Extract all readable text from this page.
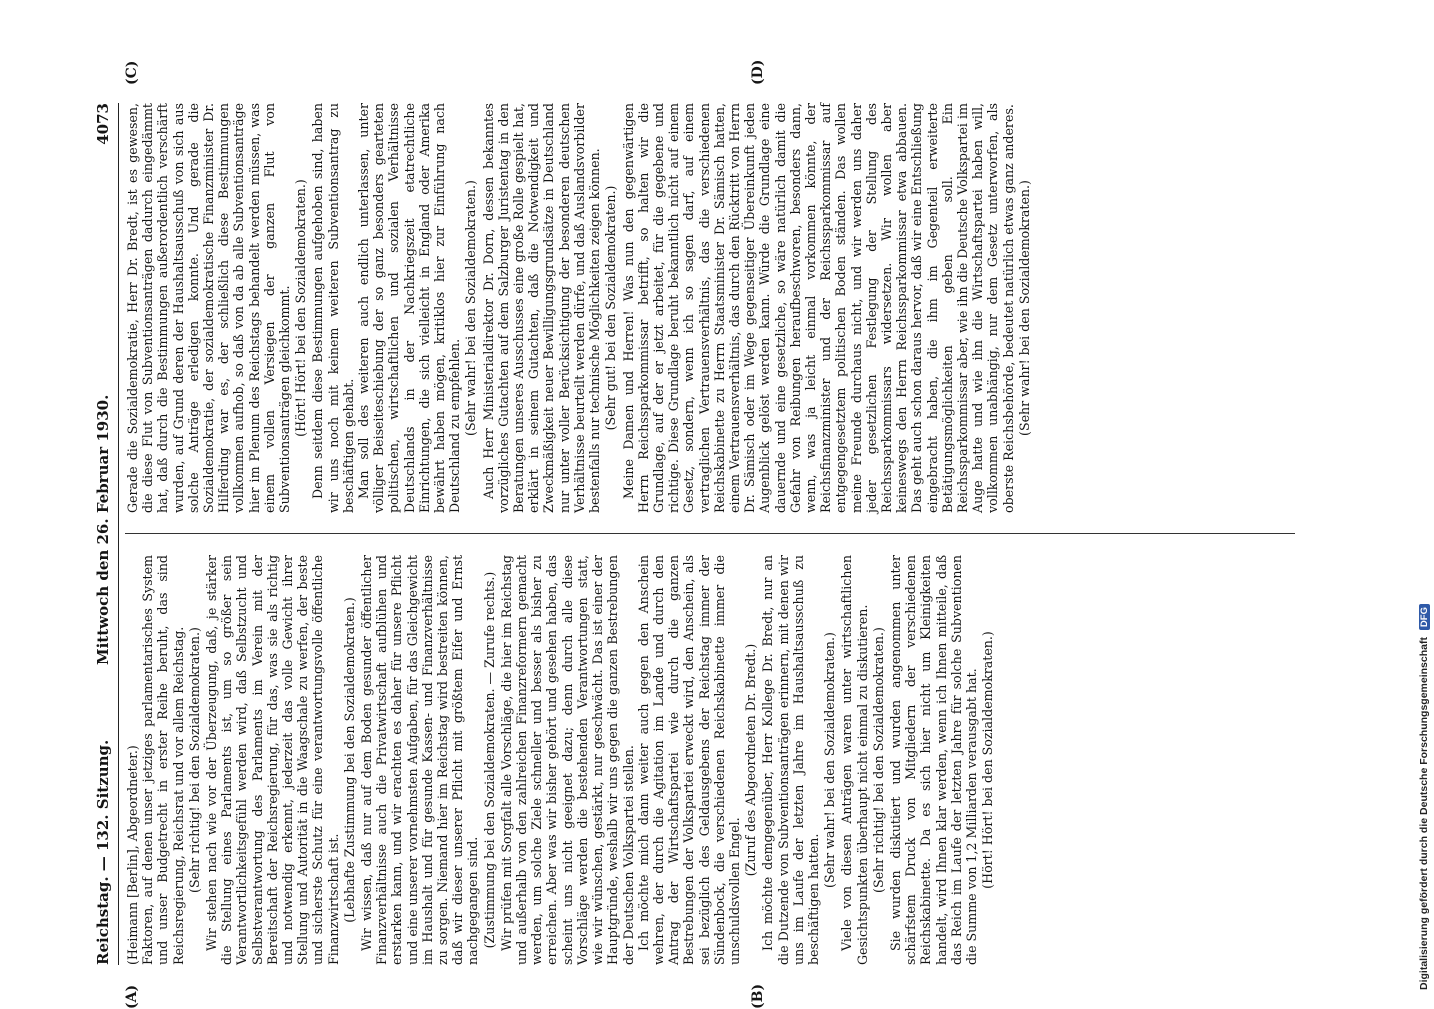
Reichstag. — 132. Sitzung.
Mittwoch den 26. Februar 1930.
4073
(A)	(B)
(C)	(D)

(Heimann [Berlin], Abgeordneter.) Faktoren, auf denen unser jetziges parlamentarisches System und unser Budgetrecht in erster Reihe beruht, das sind Reichsregierung, Reichsrat und vor allem Reichstag. (Sehr richtig! bei den Sozialdemokraten.) Wir stehen nach wie vor der Überzeugung, daß, je stärker die Stellung eines Parlaments ist, um so größer sein Verantwortlichkeitsgefühl werden wird, daß Selbstzucht und Selbstverantwortung des Parlaments im Verein mit der Bereitschaft der Reichsregierung, für das, was sie als richtig und notwendig erkennt, jederzeit das volle Gewicht ihrer Stellung und Autorität in die Waagschale zu werfen, der beste und sicherste Schutz für eine verantwortungsvolle öffentliche Finanzwirtschaft ist. (Lebhafte Zustimmung bei den Sozialdemokraten.) Wir wissen, daß nur auf dem Boden gesunder öffentlicher Finanzverhältnisse auch die Privatwirtschaft aufblühen und erstarken kann, und wir erachten es daher für unsere Pflicht und eine unserer vornehmsten Aufgaben, für das Gleichgewicht im Haushalt und für gesunde Kassen- und Finanzverhältnisse zu sorgen. Niemand hier im Reichstag wird bestreiten können, daß wir dieser unserer Pflicht mit größtem Eifer und Ernst nachgegangen sind. (Zustimmung bei den Sozialdemokraten. — Zurufe rechts.) Wir prüfen mit Sorgfalt alle Vorschläge, die hier im Reichstag und außerhalb von den zahlreichen Finanzreformern gemacht werden, um solche Ziele schneller und besser als bisher zu erreichen. Aber was wir bisher gehört und gesehen haben, das scheint uns nicht geeignet dazu; denn durch alle diese Vorschläge werden die bestehenden Verantwortungen statt, wie wir wünschen, gestärkt, nur geschwächt. Das ist einer der Hauptgründe, weshalb wir uns gegen die ganzen Bestrebungen der Deutschen Volkspartei stellen. Ich möchte mich dann weiter auch gegen den Anschein wehren, der durch die Agitation im Lande und durch den Antrag der Wirtschaftspartei wie durch die ganzen Bestrebungen der Volkspartei erweckt wird, den Anschein, als sei bezüglich des Geldausgebens der Reichstag immer der Sündenbock, die verschiedenen Reichskabinette immer die unschuldsvollen Engel.

(Zuruf des Abgeordneten Dr. Bredt.) Ich möchte demgegenüber, Herr Kollege Dr. Bredt, nur an die Dutzende von Subventionsanträgen erinnern, mit denen wir uns im Laufe der letzten Jahre im Haushaltsausschuß zu beschäftigen hatten.

(Sehr wahr! bei den Sozialdemokraten.) Viele von diesen Anträgen waren unter wirtschaftlichen Gesichtspunkten überhaupt nicht einmal zu diskutieren. (Sehr richtig! bei den Sozialdemokraten.) Sie wurden diskutiert und wurden angenommen unter schärfstem Druck von Mitgliedern der verschiedenen Reichskabinette. Da es sich hier nicht um Kleinigkeiten handelt, wird Ihnen klar werden, wenn ich Ihnen mitteile, daß das Reich im Laufe der letzten Jahre für solche Subventionen die Summe von 1,2 Milliarden verausgabt hat. (Hört! Hört! bei den Sozialdemokraten.)

Gerade die Sozialdemokratie, Herr Dr. Bredt, ist es gewesen, die diese Flut von Subventionsanträgen dadurch eingedämmt hat, daß durch die Bestimmungen außerordentlich verschärft wurden, auf Grund deren der Haushaltsausschuß von sich aus solche Anträge erledigen konnte. Und gerade die Sozialdemokratie, der sozialdemokratische Finanzminister Dr. Hilferding war es, der schließlich diese Bestimmungen vollkommen aufhob, so daß von da ab alle Subventionsanträge hier im Plenum des Reichstags behandelt werden müssen, was einem vollen Versiegen der ganzen Flut von Subventionsanträgen gleichkommt. (Hört! Hört! bei den Sozialdemokraten.) Denn seitdem diese Bestimmungen aufgehoben sind, haben wir uns noch mit keinem weiteren Subventionsantrag zu beschäftigen gehabt. Man soll des weiteren auch endlich unterlassen, unter völliger Beiseiteschiebung der so ganz besonders gearteten politischen, wirtschaftlichen und sozialen Verhältnisse Deutschlands in der Nachkriegszeit etatrechtliche Einrichtungen, die sich vielleicht in England oder Amerika bewährt haben mögen, kritiklos hier zur Einführung nach Deutschland zu empfehlen. (Sehr wahr! bei den Sozialdemokraten.) Auch Herr Ministerialdirektor Dr. Dorn, dessen bekanntes vorzügliches Gutachten auf dem Salzburger Juristentag in den Beratungen unseres Ausschusses eine große Rolle gespielt hat, erklärt in seinem Gutachten, daß die Notwendigkeit und Zweckmäßigkeit neuer Bewilligungsgrundsätze in Deutschland nur unter voller Berücksichtigung der besonderen deutschen Verhältnisse beurteilt werden dürfe, und daß Auslandsvorbilder bestenfalls nur technische Möglichkeiten zeigen können. (Sehr gut! bei den Sozialdemokraten.) Meine Damen und Herren! Was nun den gegenwärtigen Herrn Reichssparkommissar betrifft, so halten wir die Grundlage, auf der er jetzt arbeitet, für die gegebene und richtige. Diese Grundlage beruht bekanntlich nicht auf einem Gesetz, sondern, wenn ich so sagen darf, auf einem vertraglichen Vertrauensverhältnis, das die verschiedenen Reichskabinette zu Herrn Staatsminister Dr. Sämisch hatten, einem Vertrauensverhältnis, das durch den Rücktritt von Herrn Dr. Sämisch oder im Wege gegenseitiger Übereinkunft jeden Augenblick gelöst werden kann. Würde die Grundlage eine dauernde und eine gesetzliche, so wäre natürlich damit die Gefahr von Reibungen heraufbeschworen, besonders dann, wenn, was ja leicht einmal vorkommen könnte, der Reichsfinanzminister und der Reichssparkommissar auf entgegengesetztem politischen Boden ständen. Das wollen meine Freunde durchaus nicht, und wir werden uns daher jeder gesetzlichen Festlegung der Stellung des Reichssparkommissars widersetzen. Wir wollen aber keineswegs den Herrn Reichssparkommissar etwa abbauen. Das geht auch schon daraus hervor, daß wir eine Entschließung eingebracht haben, die ihm im Gegenteil erweiterte Betätigungsmöglichkeiten geben soll. Ein Reichssparkommissar aber, wie ihn die Deutsche Volkspartei im Auge hatte und wie ihn die Wirtschaftspartei haben will, vollkommen unabhängig, nur dem Gesetz unterworfen, als oberste Reichsbehörde, bedeutet natürlich etwas ganz anderes. (Sehr wahr! bei den Sozialdemokraten.)

Digitalisierung gefördert durch die Deutsche Forschungsgemeinschaft DFG
